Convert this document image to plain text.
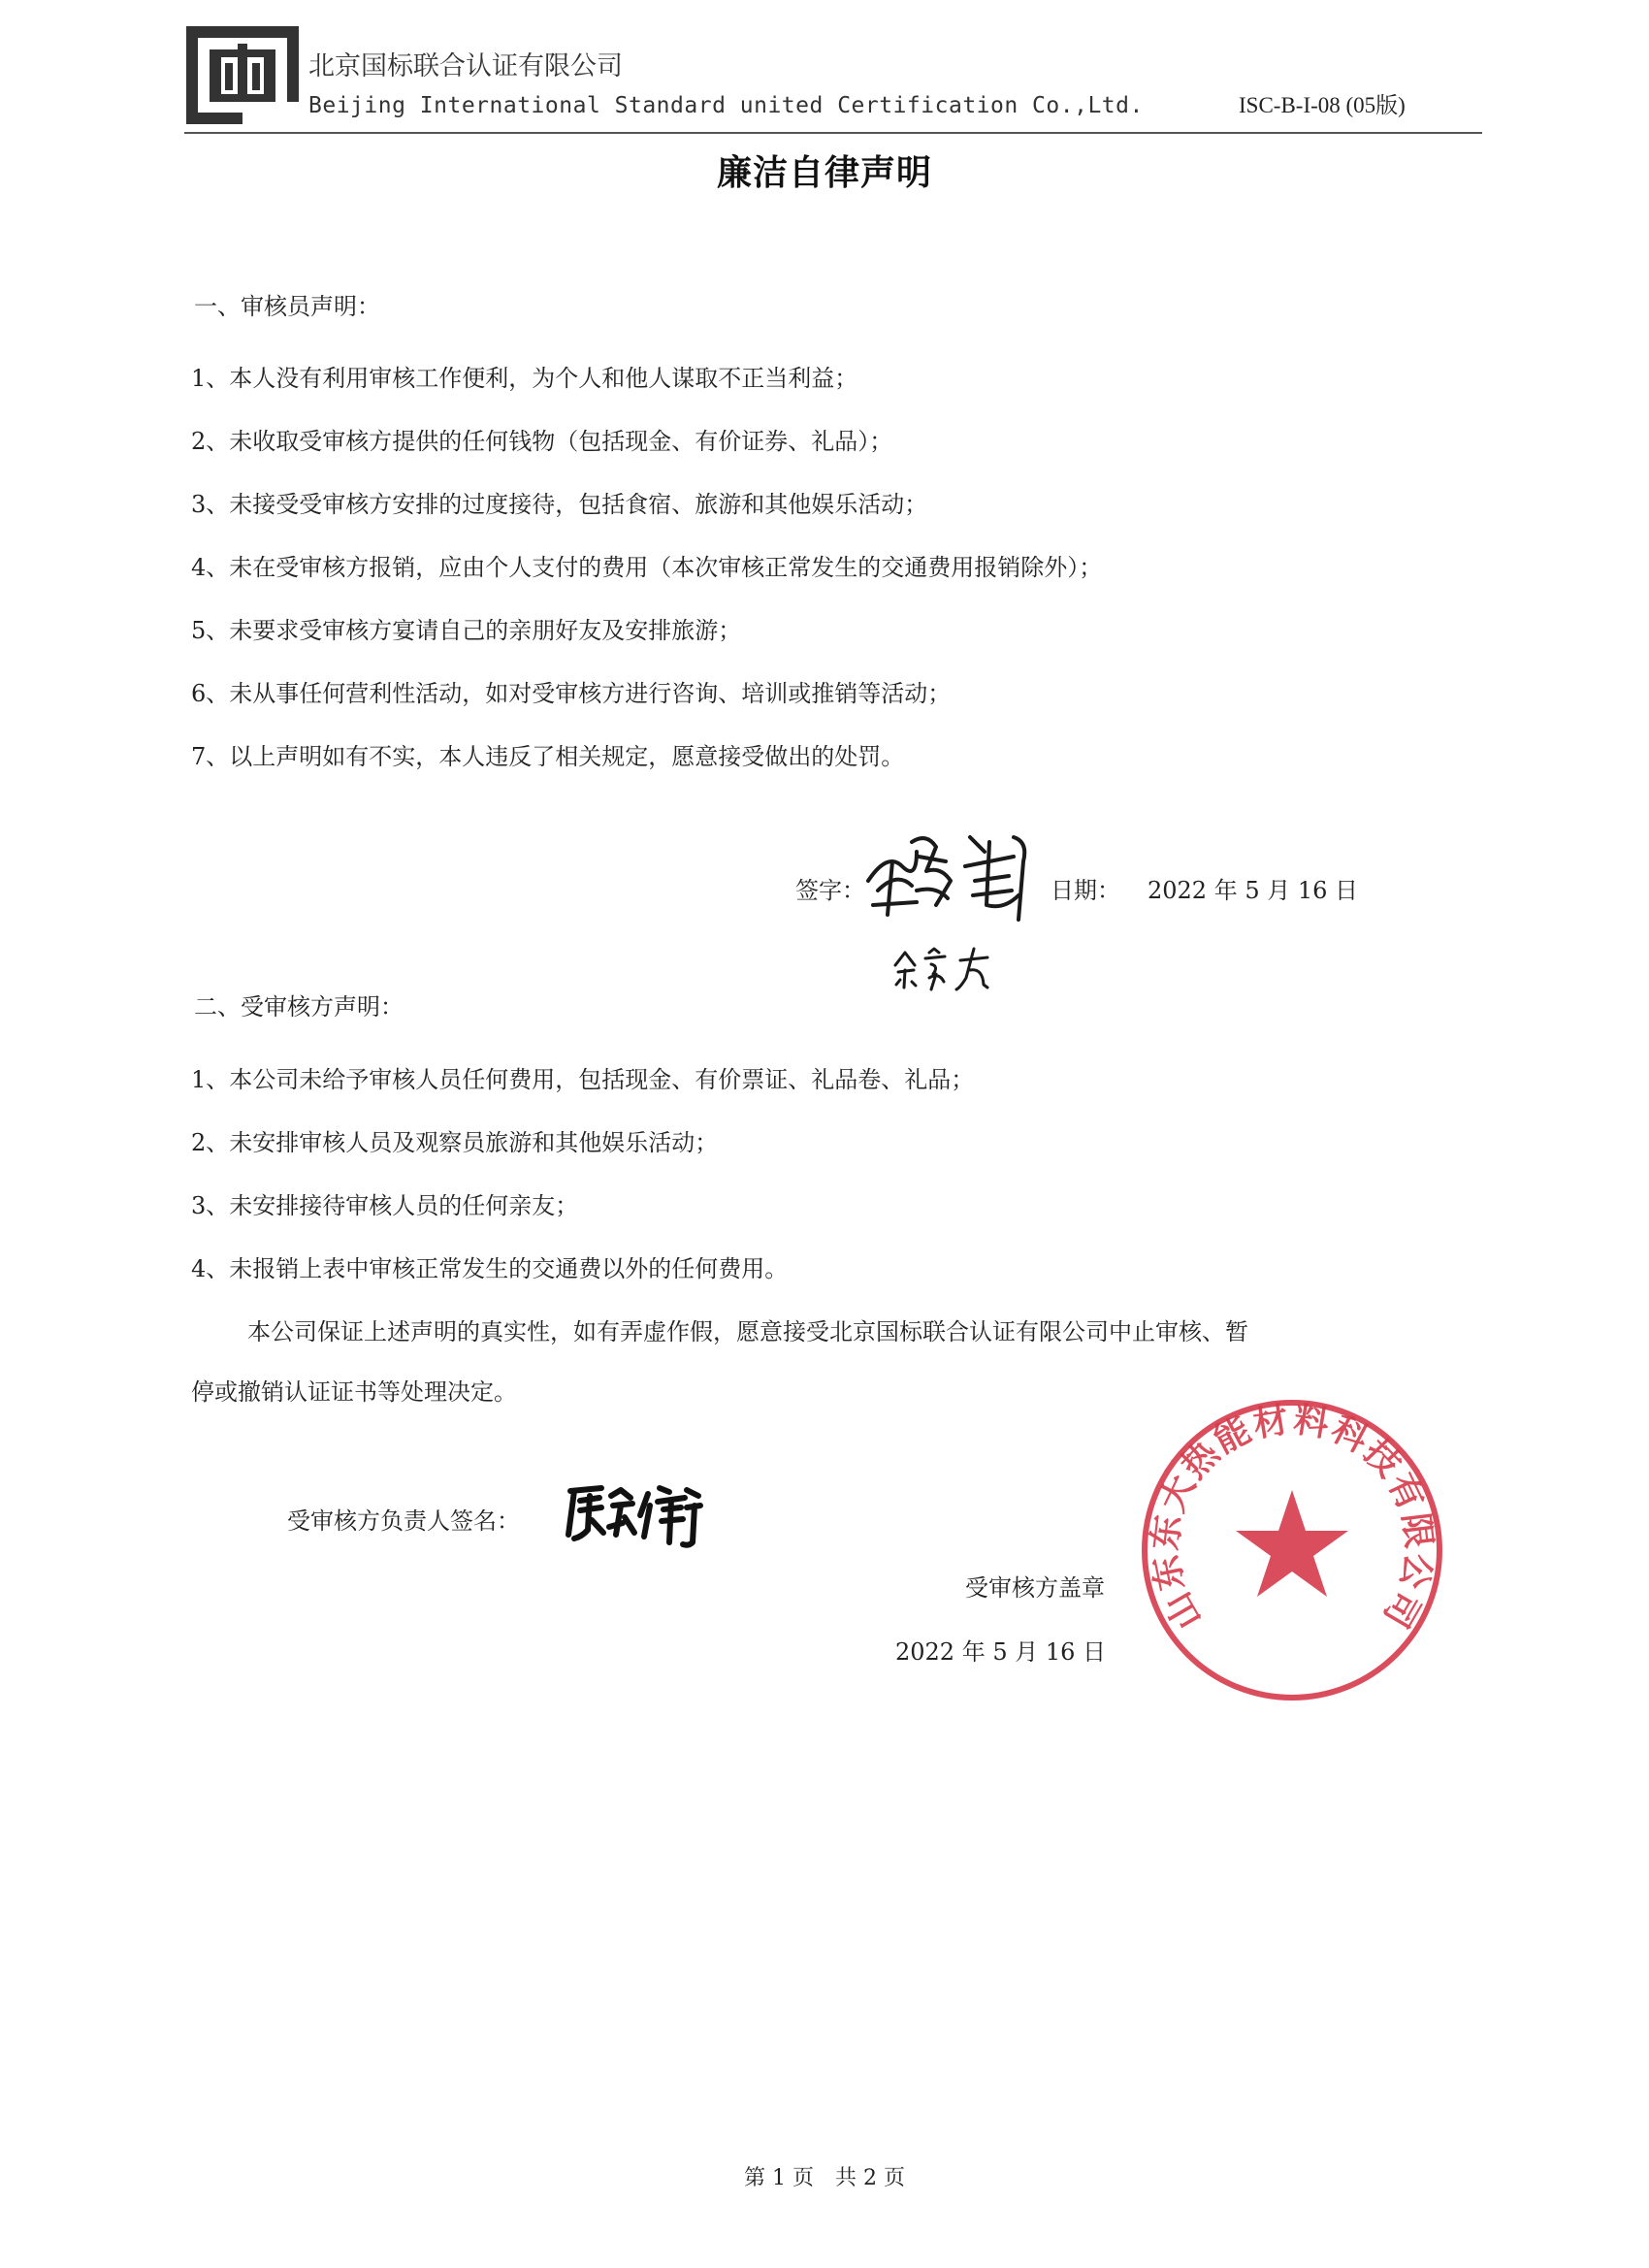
北京国标联合认证有限公司
Beijing International Standard united Certification Co.,Ltd.	ISC-B-I-08 (05版)
廉洁自律声明
一、审核员声明：
1、本人没有利用审核工作便利，为个人和他人谋取不正当利益；
2、未收取受审核方提供的任何钱物（包括现金、有价证券、礼品）；
3、未接受受审核方安排的过度接待，包括食宿、旅游和其他娱乐活动；
4、未在受审核方报销，应由个人支付的费用（本次审核正常发生的交通费用报销除外）；
5、未要求受审核方宴请自己的亲朋好友及安排旅游；
6、未从事任何营利性活动，如对受审核方进行咨询、培训或推销等活动；
7、以上声明如有不实，本人违反了相关规定，愿意接受做出的处罚。
签字：	日期： 2022 年 5 月 16 日
二、受审核方声明：
1、本公司未给予审核人员任何费用，包括现金、有价票证、礼品卷、礼品；
2、未安排审核人员及观察员旅游和其他娱乐活动；
3、未安排接待审核人员的任何亲友；
4、未报销上表中审核正常发生的交通费以外的任何费用。
本公司保证上述声明的真实性，如有弄虚作假，愿意接受北京国标联合认证有限公司中止审核、暂
停或撤销认证证书等处理决定。
受审核方负责人签名：
受审核方盖章
2022 年 5 月 16 日
山东东大热能材料科技有限公司
第 1 页　共 2 页
